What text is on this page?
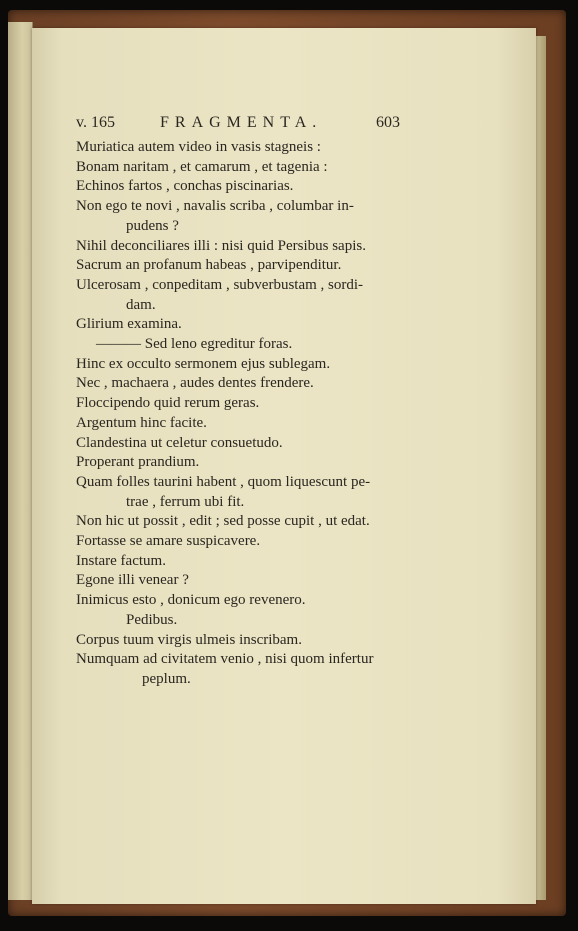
v. 165	FRAGMENTA.	603
Muriatica autem video in vasis stagneis :
Bonam naritam , et camarum , et tagenia :
Echinos fartos , conchas piscinarias.
Non ego te novi , navalis scriba , columbar in-
pudens ?
Nihil deconciliares illi : nisi quid Persibus sapis.
Sacrum an profanum habeas , parvipenditur.
Ulcerosam , conpeditam , subverbustam , sordi-
dam.
Glirium examina.
——— Sed leno egreditur foras.
Hinc ex occulto sermonem ejus sublegam.
Nec , machaera , audes dentes frendere.
Floccipendo quid rerum geras.
Argentum hinc facite.
Clandestina ut celetur consuetudo.
Properant prandium.
Quam folles taurini habent , quom liquescunt pe-
trae , ferrum ubi fit.
Non hic ut possit , edit ; sed posse cupit , ut edat.
Fortasse se amare suspicavere.
Instare factum.
Egone illi venear ?
Inimicus esto , donicum ego revenero.
Pedibus.
Corpus tuum virgis ulmeis inscribam.
Numquam ad civitatem venio , nisi quom infertur
peplum.
